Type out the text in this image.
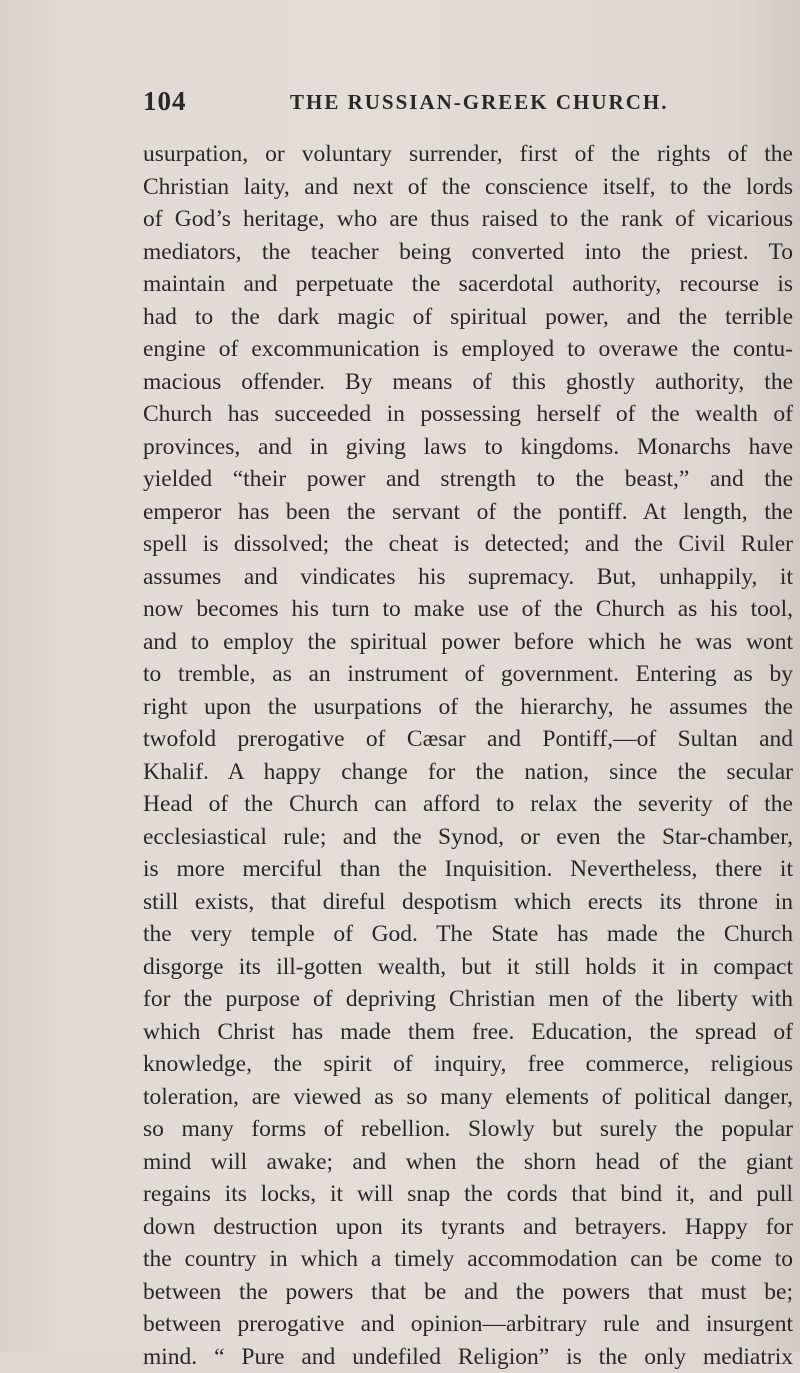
104	THE RUSSIAN-GREEK CHURCH.

usurpation, or voluntary surrender, first of the rights of the
Christian laity, and next of the conscience itself, to the lords
of God’s heritage, who are thus raised to the rank of vicarious
mediators, the teacher being converted into the priest. To
maintain and perpetuate the sacerdotal authority, recourse is
had to the dark magic of spiritual power, and the terrible
engine of excommunication is employed to overawe the contu-
macious offender. By means of this ghostly authority, the
Church has succeeded in possessing herself of the wealth of
provinces, and in giving laws to kingdoms. Monarchs have
yielded “their power and strength to the beast,” and the
emperor has been the servant of the pontiff. At length, the
spell is dissolved; the cheat is detected; and the Civil Ruler
assumes and vindicates his supremacy. But, unhappily, it
now becomes his turn to make use of the Church as his tool,
and to employ the spiritual power before which he was wont
to tremble, as an instrument of government. Entering as by
right upon the usurpations of the hierarchy, he assumes the
twofold prerogative of Cæsar and Pontiff,—of Sultan and
Khalif. A happy change for the nation, since the secular
Head of the Church can afford to relax the severity of the
ecclesiastical rule; and the Synod, or even the Star-chamber,
is more merciful than the Inquisition. Nevertheless, there it
still exists, that direful despotism which erects its throne in
the very temple of God. The State has made the Church
disgorge its ill-gotten wealth, but it still holds it in compact
for the purpose of depriving Christian men of the liberty with
which Christ has made them free. Education, the spread of
knowledge, the spirit of inquiry, free commerce, religious
toleration, are viewed as so many elements of political danger,
so many forms of rebellion. Slowly but surely the popular
mind will awake; and when the shorn head of the giant
regains its locks, it will snap the cords that bind it, and pull
down destruction upon its tyrants and betrayers. Happy for
the country in which a timely accommodation can be come to
between the powers that be and the powers that must be;
between prerogative and opinion—arbitrary rule and insurgent
mind. “ Pure and undefiled Religion” is the only mediatrix
